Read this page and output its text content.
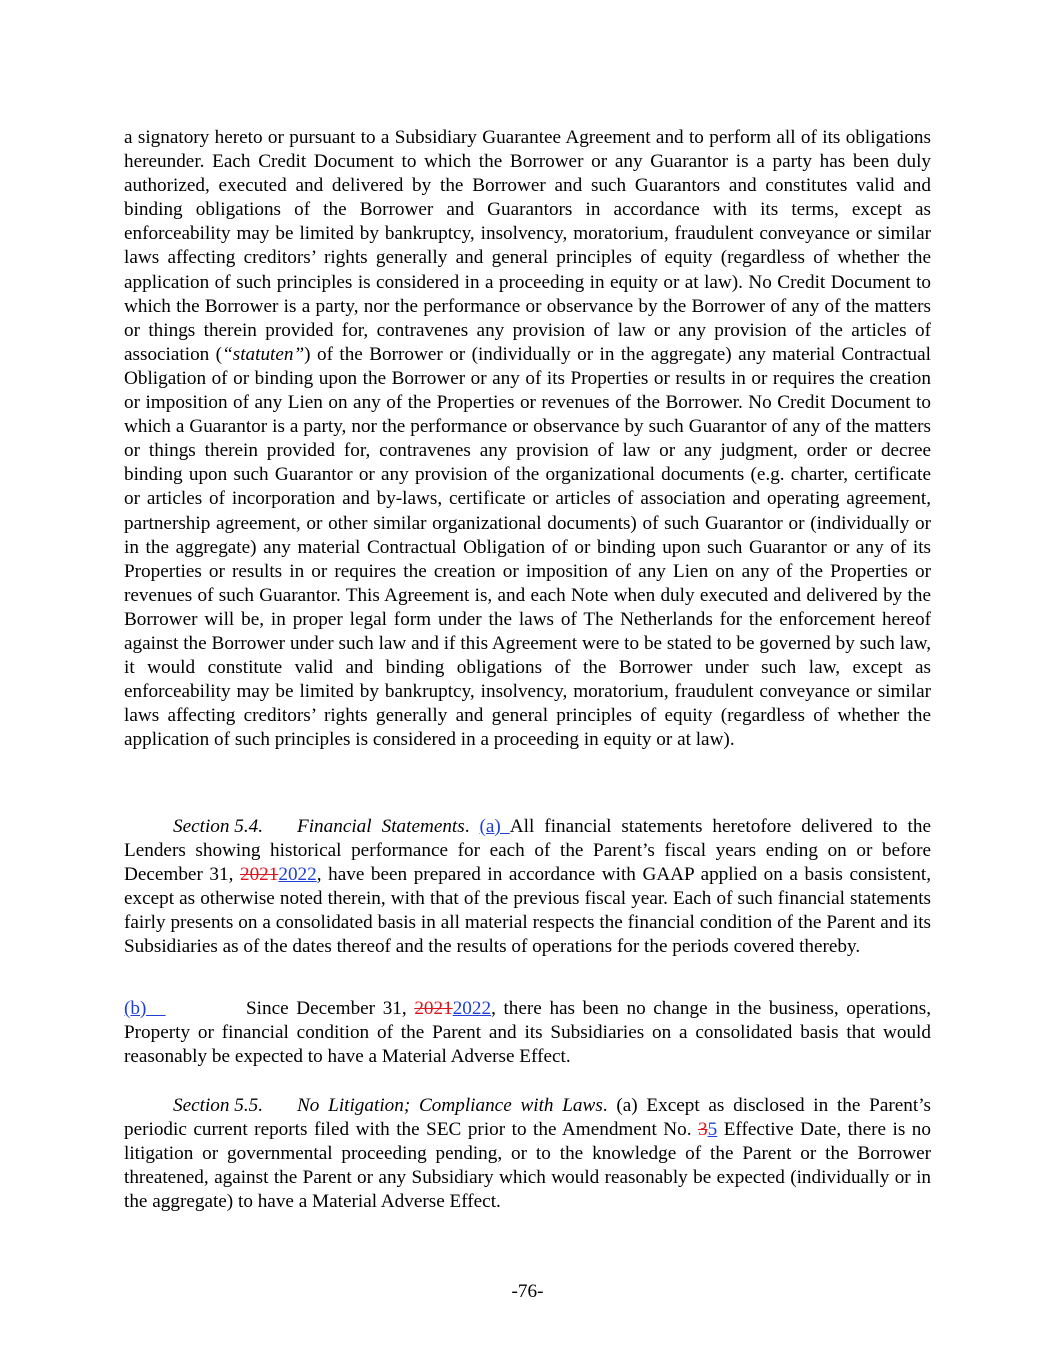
a signatory hereto or pursuant to a Subsidiary Guarantee Agreement and to perform all of its obligations hereunder. Each Credit Document to which the Borrower or any Guarantor is a party has been duly authorized, executed and delivered by the Borrower and such Guarantors and constitutes valid and binding obligations of the Borrower and Guarantors in accordance with its terms, except as enforceability may be limited by bankruptcy, insolvency, moratorium, fraudulent conveyance or similar laws affecting creditors’ rights generally and general principles of equity (regardless of whether the application of such principles is considered in a proceeding in equity or at law). No Credit Document to which the Borrower is a party, nor the performance or observance by the Borrower of any of the matters or things therein provided for, contravenes any provision of law or any provision of the articles of association (“statuten”) of the Borrower or (individually or in the aggregate) any material Contractual Obligation of or binding upon the Borrower or any of its Properties or results in or requires the creation or imposition of any Lien on any of the Properties or revenues of the Borrower. No Credit Document to which a Guarantor is a party, nor the performance or observance by such Guarantor of any of the matters or things therein provided for, contravenes any provision of law or any judgment, order or decree binding upon such Guarantor or any provision of the organizational documents (e.g. charter, certificate or articles of incorporation and by-laws, certificate or articles of association and operating agreement, partnership agreement, or other similar organizational documents) of such Guarantor or (individually or in the aggregate) any material Contractual Obligation of or binding upon such Guarantor or any of its Properties or results in or requires the creation or imposition of any Lien on any of the Properties or revenues of such Guarantor. This Agreement is, and each Note when duly executed and delivered by the Borrower will be, in proper legal form under the laws of The Netherlands for the enforcement hereof against the Borrower under such law and if this Agreement were to be stated to be governed by such law, it would constitute valid and binding obligations of the Borrower under such law, except as enforceability may be limited by bankruptcy, insolvency, moratorium, fraudulent conveyance or similar laws affecting creditors’ rights generally and general principles of equity (regardless of whether the application of such principles is considered in a proceeding in equity or at law).

Section 5.4. Financial Statements. (a) All financial statements heretofore delivered to the Lenders showing historical performance for each of the Parent’s fiscal years ending on or before December 31, 20212022, have been prepared in accordance with GAAP applied on a basis consistent, except as otherwise noted therein, with that of the previous fiscal year. Each of such financial statements fairly presents on a consolidated basis in all material respects the financial condition of the Parent and its Subsidiaries as of the dates thereof and the results of operations for the periods covered thereby.

(b)	Since December 31, 20212022, there has been no change in the business, operations, Property or financial condition of the Parent and its Subsidiaries on a consolidated basis that would reasonably be expected to have a Material Adverse Effect.

Section 5.5. No Litigation; Compliance with Laws. (a) Except as disclosed in the Parent’s periodic current reports filed with the SEC prior to the Amendment No. 35 Effective Date, there is no litigation or governmental proceeding pending, or to the knowledge of the Parent or the Borrower threatened, against the Parent or any Subsidiary which would reasonably be expected (individually or in the aggregate) to have a Material Adverse Effect.

-76-
